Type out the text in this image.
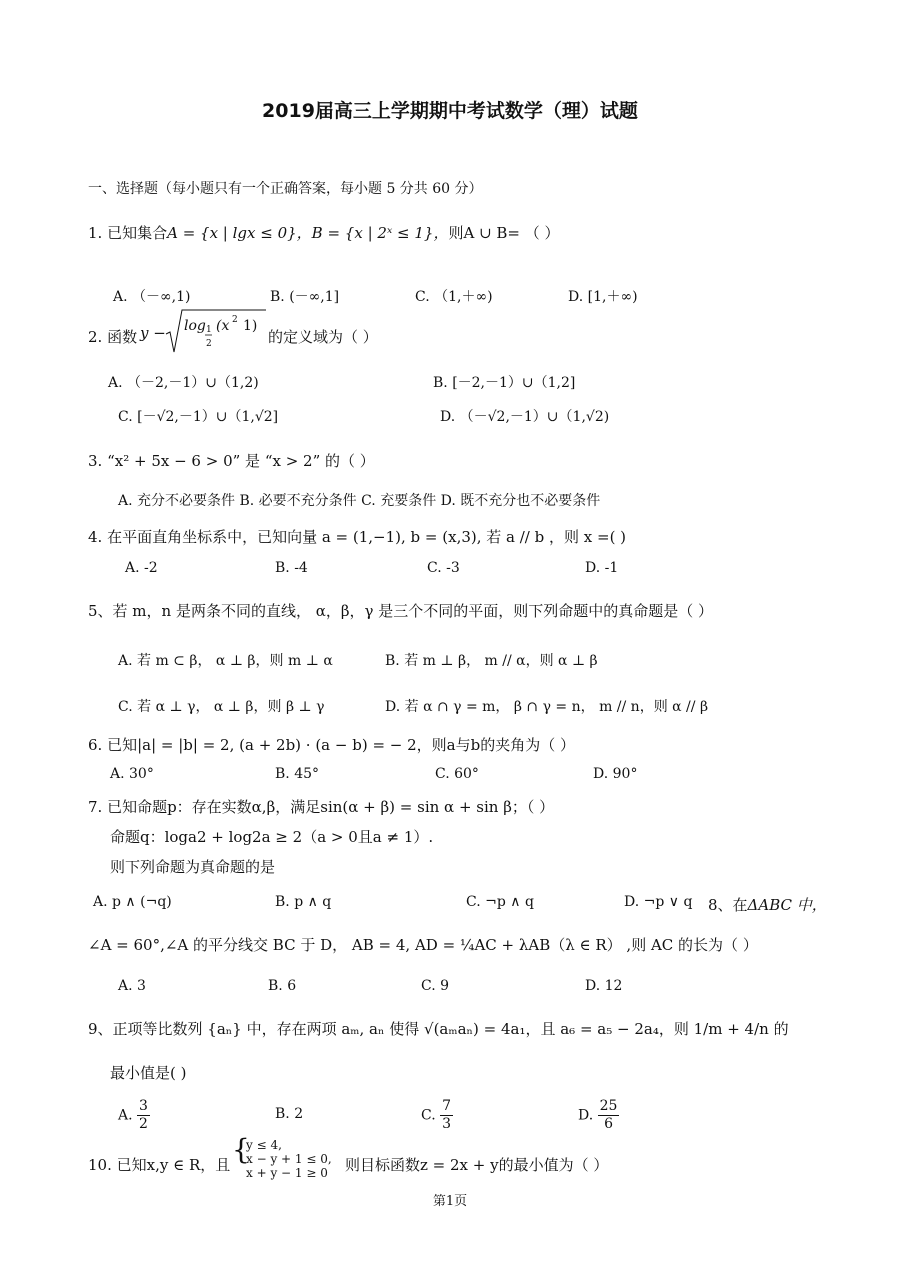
2019届高三上学期期中考试数学（理）试题
一、选择题（每小题只有一个正确答案，每小题 5 分共 60 分）
1. 已知集合A = {x | lgx ≤ 0}，B = {x | 2ˣ ≤ 1}，则A ∪ B= （ ）
A. （－∞,1)	B. (－∞,1]	C. （1,＋∞)	D. [1,＋∞)
2. 函数 y − log 1
2
(x 2 1)
的定义域为（ ）
A. （－2,－1）∪（1,2)	B. [－2,－1）∪（1,2]
C. [－√2,－1）∪（1,√2]	D. （－√2,－1）∪（1,√2)
3. “x² + 5x − 6 > 0” 是 “x > 2” 的（ ）
A. 充分不必要条件 B. 必要不充分条件 C. 充要条件 D. 既不充分也不必要条件
4. 在平面直角坐标系中，已知向量 a = (1,−1), b = (x,3), 若 a // b ，则 x =( )
A. -2	B. -4	C. -3	D. -1
5、若 m，n 是两条不同的直线， α，β，γ 是三个不同的平面，则下列命题中的真命题是（ ）
A. 若 m ⊂ β， α ⊥ β，则 m ⊥ α	B. 若 m ⊥ β， m // α，则 α ⊥ β
C. 若 α ⊥ γ， α ⊥ β，则 β ⊥ γ	D. 若 α ∩ γ = m， β ∩ γ = n， m // n，则 α // β
6. 已知|a| = |b| = 2, (a + 2b) · (a − b) = − 2，则a与b的夹角为（ ）
A. 30°	B. 45°	C. 60°	D. 90°
7. 已知命题p：存在实数α,β，满足sin(α + β) = sin α + sin β；（ ）
命题q：loga2 + log2a ≥ 2（a > 0且a ≠ 1）.
则下列命题为真命题的是
A. p ∧ (¬q)	B. p ∧ q	C. ¬p ∧ q	D. ¬p ∨ q 8、在ΔABC 中，
∠A = 60°,∠A 的平分线交 BC 于 D， AB = 4, AD = ¼AC + λAB（λ ∈ R） ,则 AC 的长为（ ）
A. 3	B. 6	C. 9	D. 12
9、正项等比数列 {aₙ} 中，存在两项 aₘ, aₙ 使得 √(aₘaₙ) = 4a₁，且 a₆ = a₅ − 2a₄，则 1/m + 4/n 的
最小值是( )
A. $\frac{3}{2}$	B. 2	C. $\frac{7}{3}$	D. $\frac{25}{6}$
10. 已知x,y ∈ R，且 {
y ≤ 4,
x − y + 1 ≤ 0,
x + y − 1 ≥ 0 则目标函数z = 2x + y的最小值为（ ）
第1页
